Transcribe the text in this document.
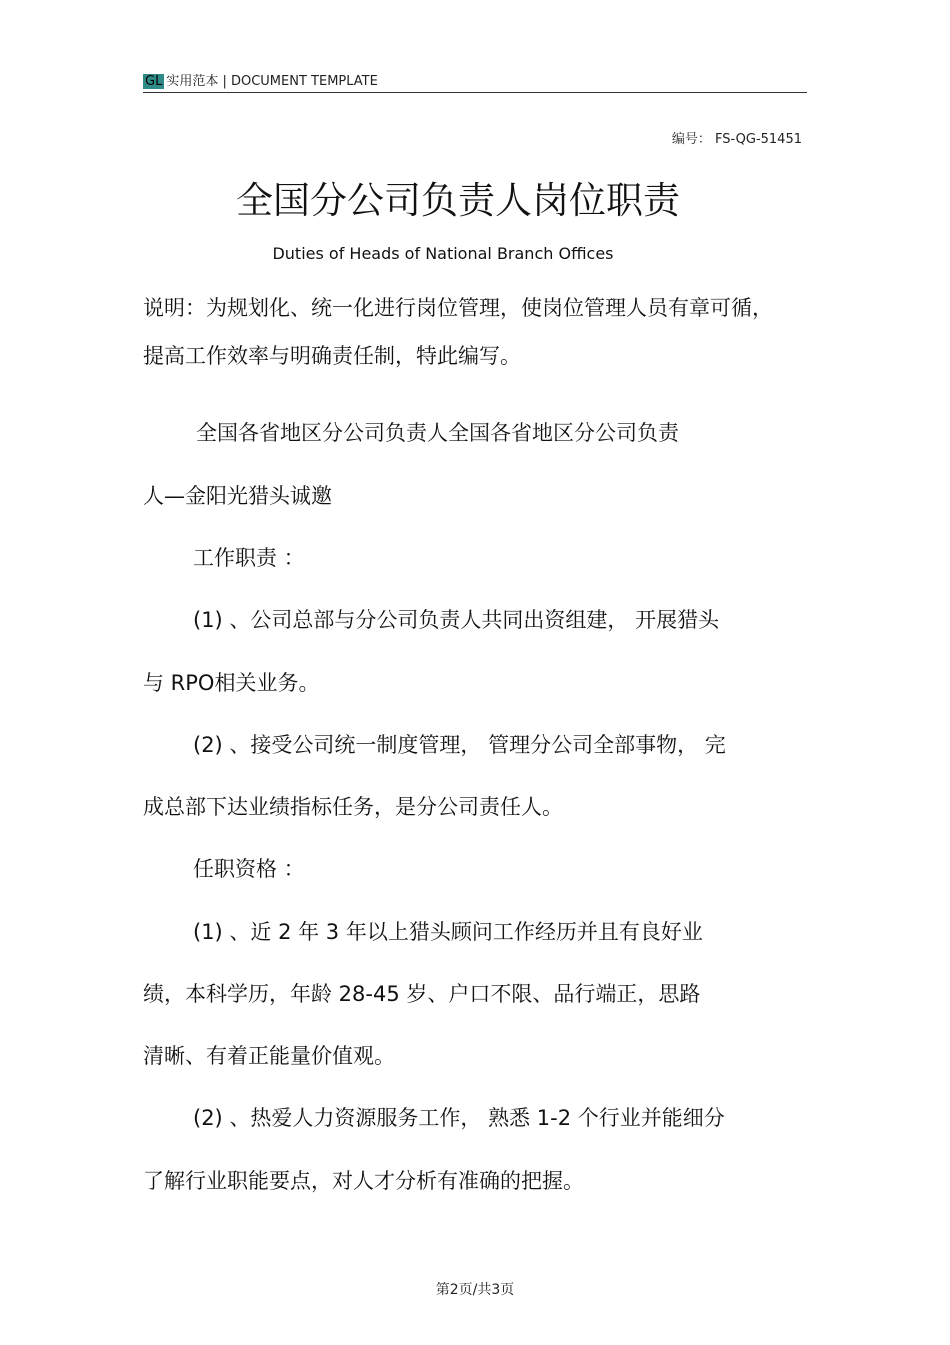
GL 实用范本 | DOCUMENT TEMPLATE
编号： FS-QG-51451
全国分公司负责人岗位职责
Duties of Heads of National Branch Offices
说明：为规划化、统一化进行岗位管理，使岗位管理人员有章可循，
提高工作效率与明确责任制，特此编写。
全国各省地区分公司负责人全国各省地区分公司负责
人—金阳光猎头诚邀
工作职责 ：
(1) 、公司总部与分公司负责人共同出资组建， 开展猎头
与 RPO相关业务。
(2) 、接受公司统一制度管理， 管理分公司全部事物， 完
成总部下达业绩指标任务，是分公司责任人。
任职资格 ：
(1) 、近 2 年 3 年以上猎头顾问工作经历并且有良好业
绩，本科学历，年龄 28-45 岁、户口不限、品行端正，思路
清晰、有着正能量价值观。
(2) 、热爱人力资源服务工作， 熟悉 1-2 个行业并能细分
了解行业职能要点，对人才分析有准确的把握。
第2页/共3页
